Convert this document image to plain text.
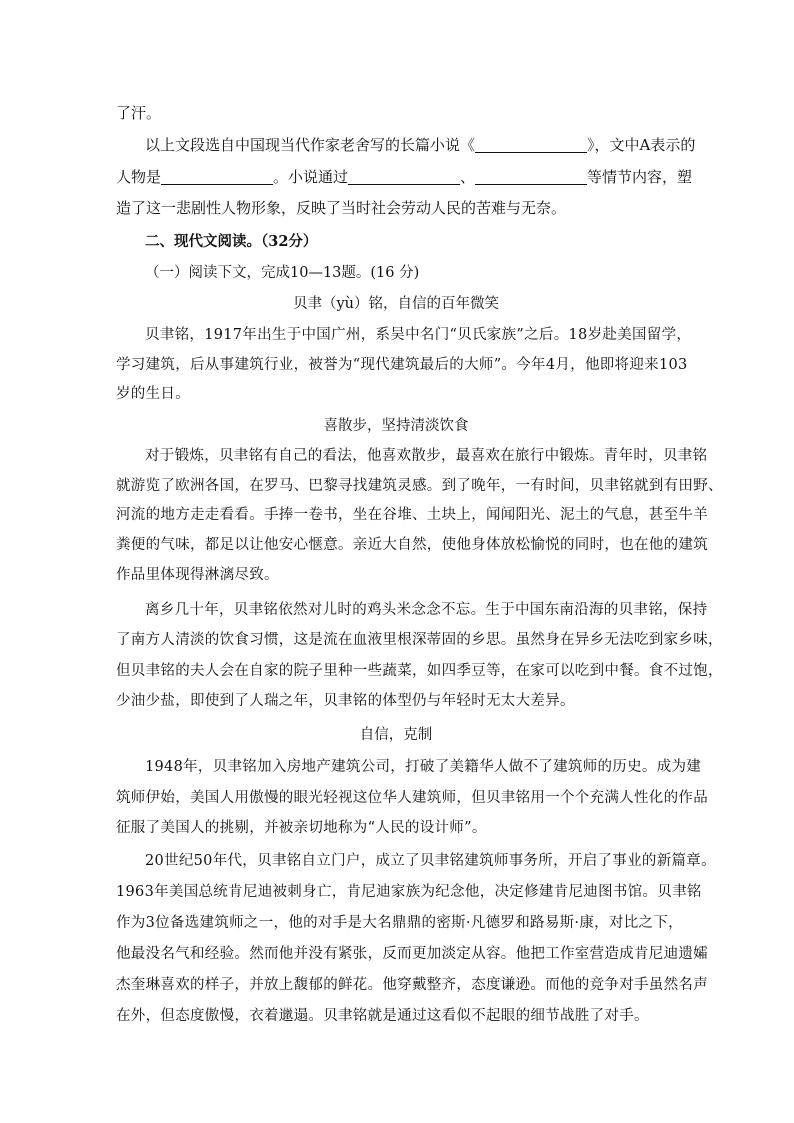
了汗。
以上文段选自中国现当代作家老舍写的长篇小说《	》，文中A表示的
人物是	。小说通过	、	等情节内容，塑
造了这一悲剧性人物形象，反映了当时社会劳动人民的苦难与无奈。
二、现代文阅读。（32分）
（一）阅读下文，完成10—13题。(16 分)
贝聿（yù）铭，自信的百年微笑
贝聿铭，1917年出生于中国广州，系吴中名门“贝氏家族”之后。18岁赴美国留学，
学习建筑，后从事建筑行业，被誉为“现代建筑最后的大师”。今年4月，他即将迎来103
岁的生日。
喜散步，坚持清淡饮食
对于锻炼，贝聿铭有自己的看法，他喜欢散步，最喜欢在旅行中锻炼。青年时，贝聿铭
就游览了欧洲各国，在罗马、巴黎寻找建筑灵感。到了晚年，一有时间，贝聿铭就到有田野、
河流的地方走走看看。手捧一卷书，坐在谷堆、土块上，闻闻阳光、泥土的气息，甚至牛羊
粪便的气味，都足以让他安心惬意。亲近大自然，使他身体放松愉悦的同时，也在他的建筑
作品里体现得淋漓尽致。
离乡几十年，贝聿铭依然对儿时的鸡头米念念不忘。生于中国东南沿海的贝聿铭，保持
了南方人清淡的饮食习惯，这是流在血液里根深蒂固的乡思。虽然身在异乡无法吃到家乡味，
但贝聿铭的夫人会在自家的院子里种一些蔬菜，如四季豆等，在家可以吃到中餐。食不过饱，
少油少盐，即使到了人瑞之年，贝聿铭的体型仍与年轻时无太大差异。
自信，克制
1948年，贝聿铭加入房地产建筑公司，打破了美籍华人做不了建筑师的历史。成为建
筑师伊始，美国人用傲慢的眼光轻视这位华人建筑师，但贝聿铭用一个个充满人性化的作品
征服了美国人的挑剔，并被亲切地称为“人民的设计师”。
20世纪50年代，贝聿铭自立门户，成立了贝聿铭建筑师事务所，开启了事业的新篇章。
1963年美国总统肯尼迪被刺身亡，肯尼迪家族为纪念他，决定修建肯尼迪图书馆。贝聿铭
作为3位备选建筑师之一，他的对手是大名鼎鼎的密斯·凡德罗和路易斯·康，对比之下，
他最没名气和经验。然而他并没有紧张，反而更加淡定从容。他把工作室营造成肯尼迪遗孀
杰奎琳喜欢的样子，并放上馥郁的鲜花。他穿戴整齐，态度谦逊。而他的竞争对手虽然名声
在外，但态度傲慢，衣着邋遢。贝聿铭就是通过这看似不起眼的细节战胜了对手。
